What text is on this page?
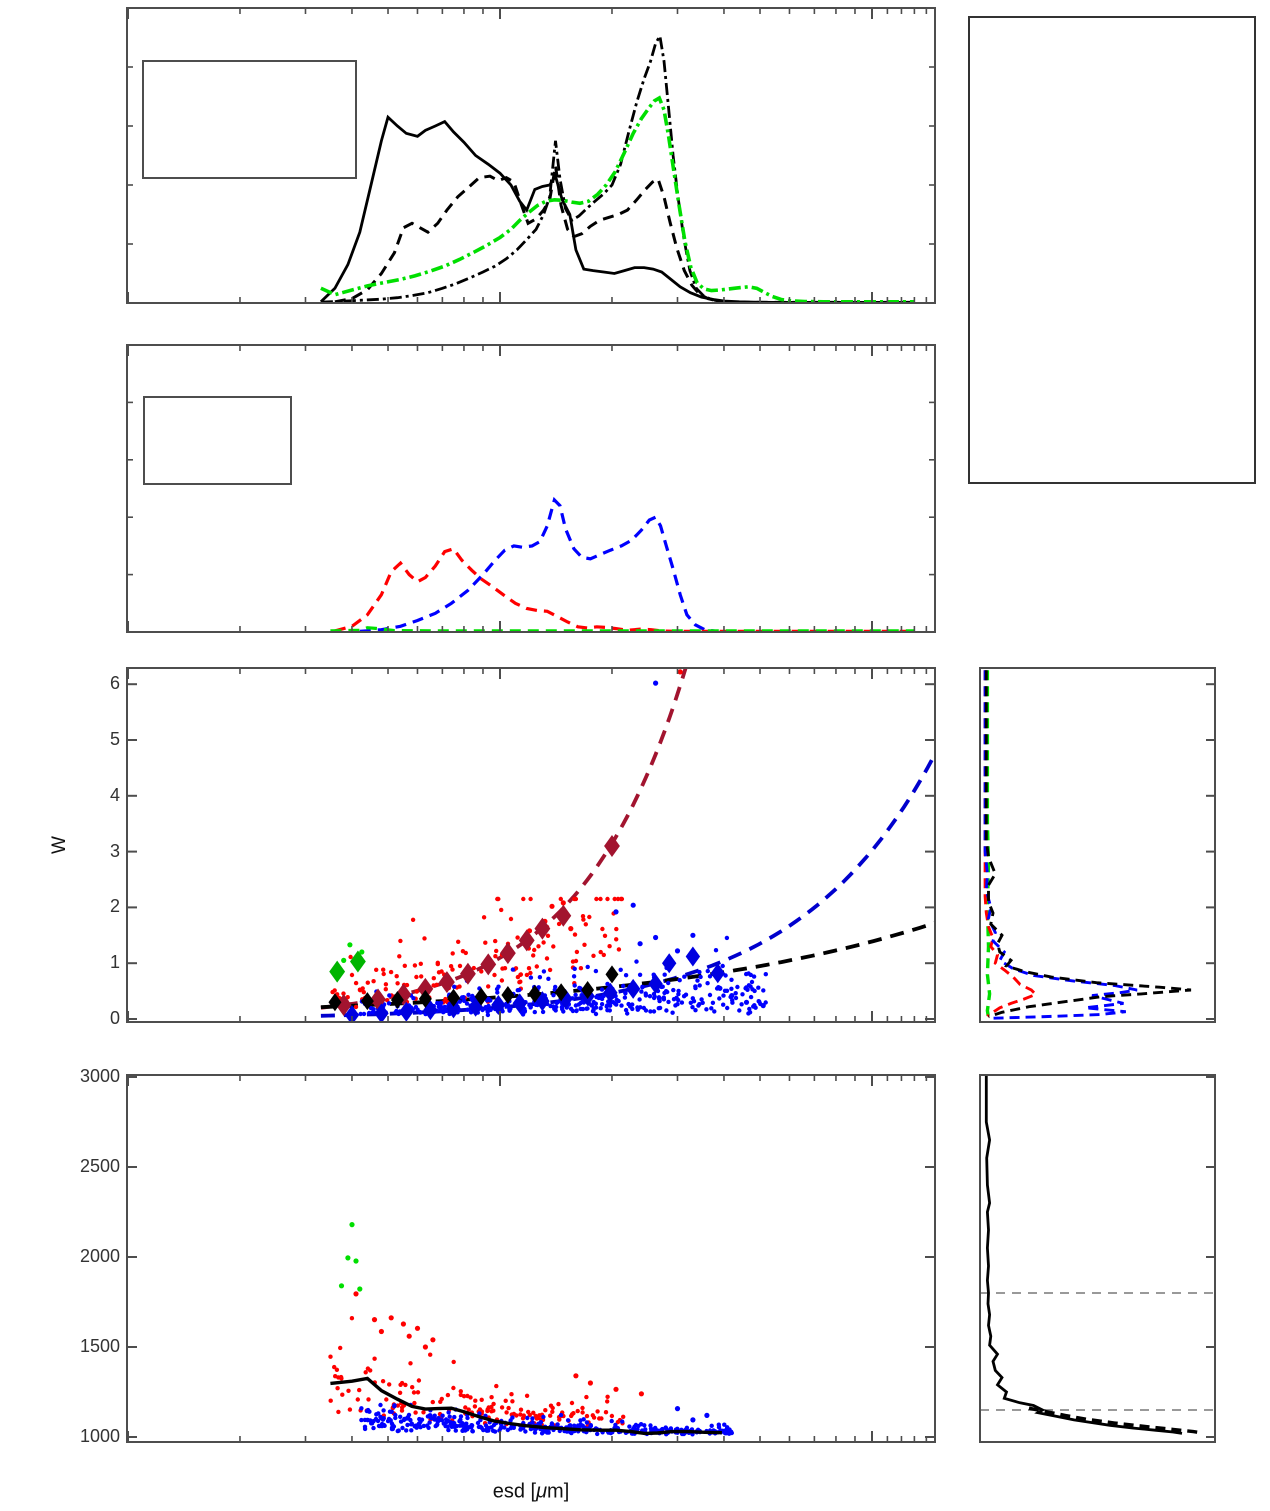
esd [μm]
0
1
2
3
4
5
6
1000
1500
2000
2500
3000
W
